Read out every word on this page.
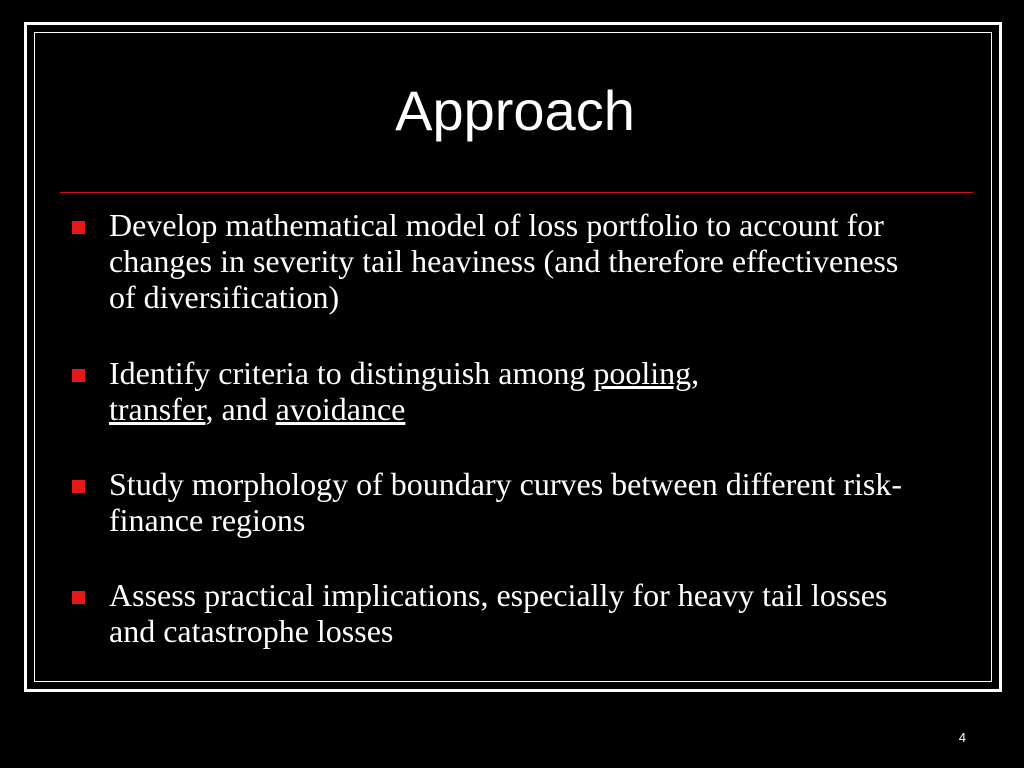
Approach
Develop mathematical model of loss portfolio to account for changes in severity tail heaviness (and therefore effectiveness of diversification)
Identify criteria to distinguish among pooling,
transfer, and avoidance
Study morphology of boundary curves between different risk-finance regions
Assess practical implications, especially for heavy tail losses and catastrophe losses
4
